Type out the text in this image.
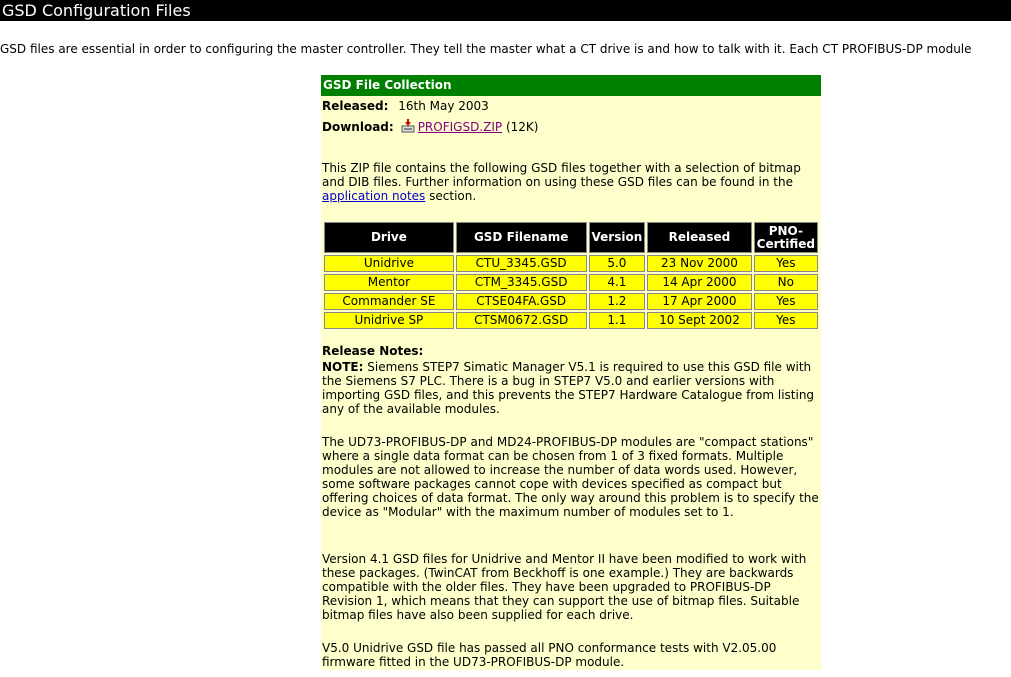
GSD Configuration Files
GSD files are essential in order to configuring the master controller. They tell the master what a CT drive is and how to talk with it. Each CT PROFIBUS-DP module
GSD File Collection
Released: 16th May 2003
Download: PROFIGSD.ZIP (12K)
This ZIP file contains the following GSD files together with a selection of bitmap and DIB files. Further information on using these GSD files can be found in the application notes section.
Drive	GSD Filename	Version	Released	PNO-Certified
Unidrive	CTU_3345.GSD	5.0	23 Nov 2000	Yes
Mentor	CTM_3345.GSD	4.1	14 Apr 2000	No
Commander SE	CTSE04FA.GSD	1.2	17 Apr 2000	Yes
Unidrive SP	CTSM0672.GSD	1.1	10 Sept 2002	Yes
Release Notes:
NOTE: Siemens STEP7 Simatic Manager V5.1 is required to use this GSD file with the Siemens S7 PLC. There is a bug in STEP7 V5.0 and earlier versions with importing GSD files, and this prevents the STEP7 Hardware Catalogue from listing any of the available modules.
The UD73-PROFIBUS-DP and MD24-PROFIBUS-DP modules are "compact stations" where a single data format can be chosen from 1 of 3 fixed formats. Multiple modules are not allowed to increase the number of data words used. However, some software packages cannot cope with devices specified as compact but offering choices of data format. The only way around this problem is to specify the device as "Modular" with the maximum number of modules set to 1.
Version 4.1 GSD files for Unidrive and Mentor II have been modified to work with these packages. (TwinCAT from Beckhoff is one example.) They are backwards compatible with the older files. They have been upgraded to PROFIBUS-DP Revision 1, which means that they can support the use of bitmap files. Suitable bitmap files have also been supplied for each drive.
V5.0 Unidrive GSD file has passed all PNO conformance tests with V2.05.00 firmware fitted in the UD73-PROFIBUS-DP module.
